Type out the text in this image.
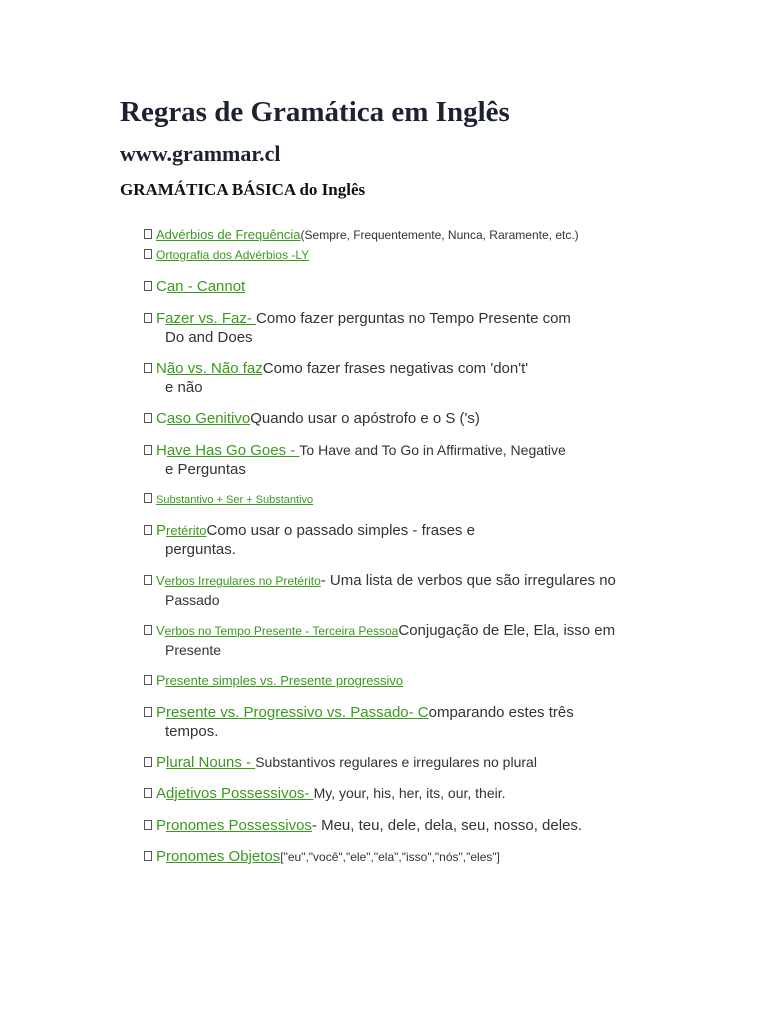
Regras de Gramática em Inglês
www.grammar.cl
GRAMÁTICA BÁSICA do Inglês
Advérbios de Frequência(Sempre, Frequentemente, Nunca, Raramente, etc.)
Ortografia dos Advérbios -LY
Can - Cannot
Fazer vs. Faz- Como fazer perguntas no Tempo Presente com
Do and Does
Não vs. Não fazComo fazer frases negativas com 'don't'
e não
Caso GenitivoQuando usar o apóstrofo e o S ('s)
Have Has Go Goes - To Have and To Go in Affirmative, Negative
e Perguntas
Substantivo + Ser + Substantivo
PretéritoComo usar o passado simples - frases e
perguntas.
Verbos Irregulares no Pretérito- Uma lista de verbos que são irregulares no
Passado
Verbos no Tempo Presente - Terceira PessoaConjugação de Ele, Ela, isso em
Presente
Presente simples vs. Presente progressivo
Presente vs. Progressivo vs. Passado- Comparando estes três
tempos.
Plural Nouns - Substantivos regulares e irregulares no plural
Adjetivos Possessivos- My, your, his, her, its, our, their.
Pronomes Possessivos- Meu, teu, dele, dela, seu, nosso, deles.
Pronomes Objetos["eu","você","ele","ela","isso","nós","eles"]
